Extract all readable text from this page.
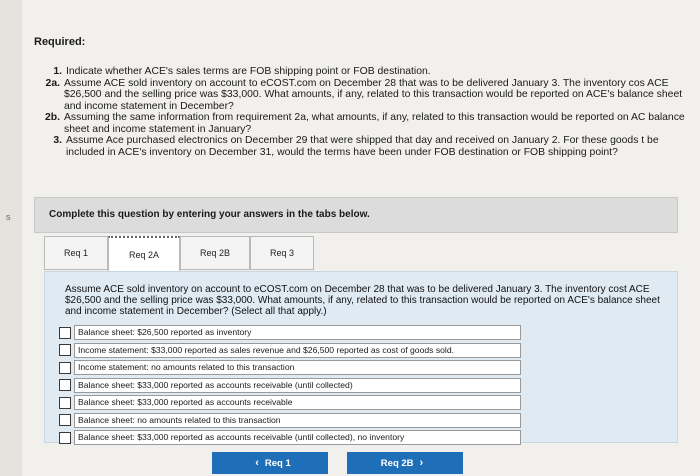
s
Required:
1. Indicate whether ACE's sales terms are FOB shipping point or FOB destination.
2a. Assume ACE sold inventory on account to eCOST.com on December 28 that was to be delivered January 3. The inventory cos ACE $26,500 and the selling price was $33,000. What amounts, if any, related to this transaction would be reported on ACE's balance sheet and income statement in December?
2b. Assuming the same information from requirement 2a, what amounts, if any, related to this transaction would be reported on AC balance sheet and income statement in January?
3. Assume Ace purchased electronics on December 29 that were shipped that day and received on January 2. For these goods t be included in ACE's inventory on December 31, would the terms have been under FOB destination or FOB shipping point?
Complete this question by entering your answers in the tabs below.
Req 1	Req 2A	Req 2B	Req 3
Assume ACE sold inventory on account to eCOST.com on December 28 that was to be delivered January 3. The inventory cost ACE $26,500 and the selling price was $33,000. What amounts, if any, related to this transaction would be reported on ACE's balance sheet and income statement in December? (Select all that apply.)
Balance sheet: $26,500 reported as inventory
Income statement: $33,000 reported as sales revenue and $26,500 reported as cost of goods sold.
Income statement: no amounts related to this transaction
Balance sheet: $33,000 reported as accounts receivable (until collected)
Balance sheet: $33,000 reported as accounts receivable
Balance sheet: no amounts related to this transaction
Balance sheet: $33,000 reported as accounts receivable (until collected), no inventory
‹ Req 1	Req 2B ›
